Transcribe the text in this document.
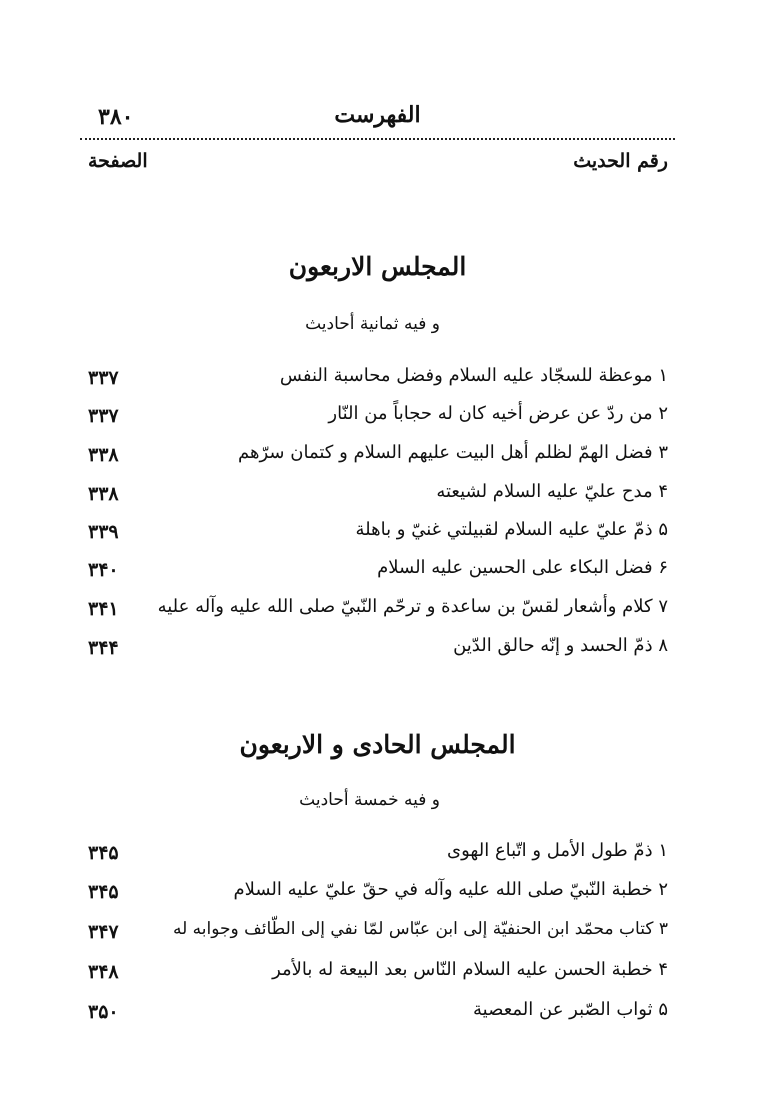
٣٨٠	الفهرست
الصفحة	رقم الحديث
المجلس الاربعون
و فيه ثمانية أحاديث
٣٣٧	١ موعظة للسجّاد عليه السلام وفضل محاسبة النفس
٣٣٧	٢ من ردّ عن عرض أخيه كان له حجاباً من النّار
٣٣٨	٣ فضل الهمّ لظلم أهل البيت عليهم السلام و كتمان سرّهم
٣٣٨	۴ مدح عليّ عليه السلام لشيعته
٣٣٩	۵ ذمّ عليّ عليه السلام لقبيلتي غنيّ و باهلة
٣۴٠	۶ فضل البكاء على الحسين عليه السلام
٣۴١	٧ كلام وأشعار لقسّ بن ساعدة و ترحّم النّبيّ صلى الله عليه وآله عليه
٣۴۴	٨ ذمّ الحسد و إنّه حالق الدّين
المجلس الحادى و الاربعون
و فيه خمسة أحاديث
٣۴۵	١ ذمّ طول الأمل و اتّباع الهوى
٣۴۵	٢ خطبة النّبيّ صلى الله عليه وآله في حقّ عليّ عليه السلام
٣۴٧	٣ كتاب محمّد ابن الحنفيّة إلى ابن عبّاس لمّا نفي إلى الطّائف وجوابه له
٣۴٨	۴ خطبة الحسن عليه السلام النّاس بعد البيعة له بالأمر
٣۵٠	۵ ثواب الصّبر عن المعصية
